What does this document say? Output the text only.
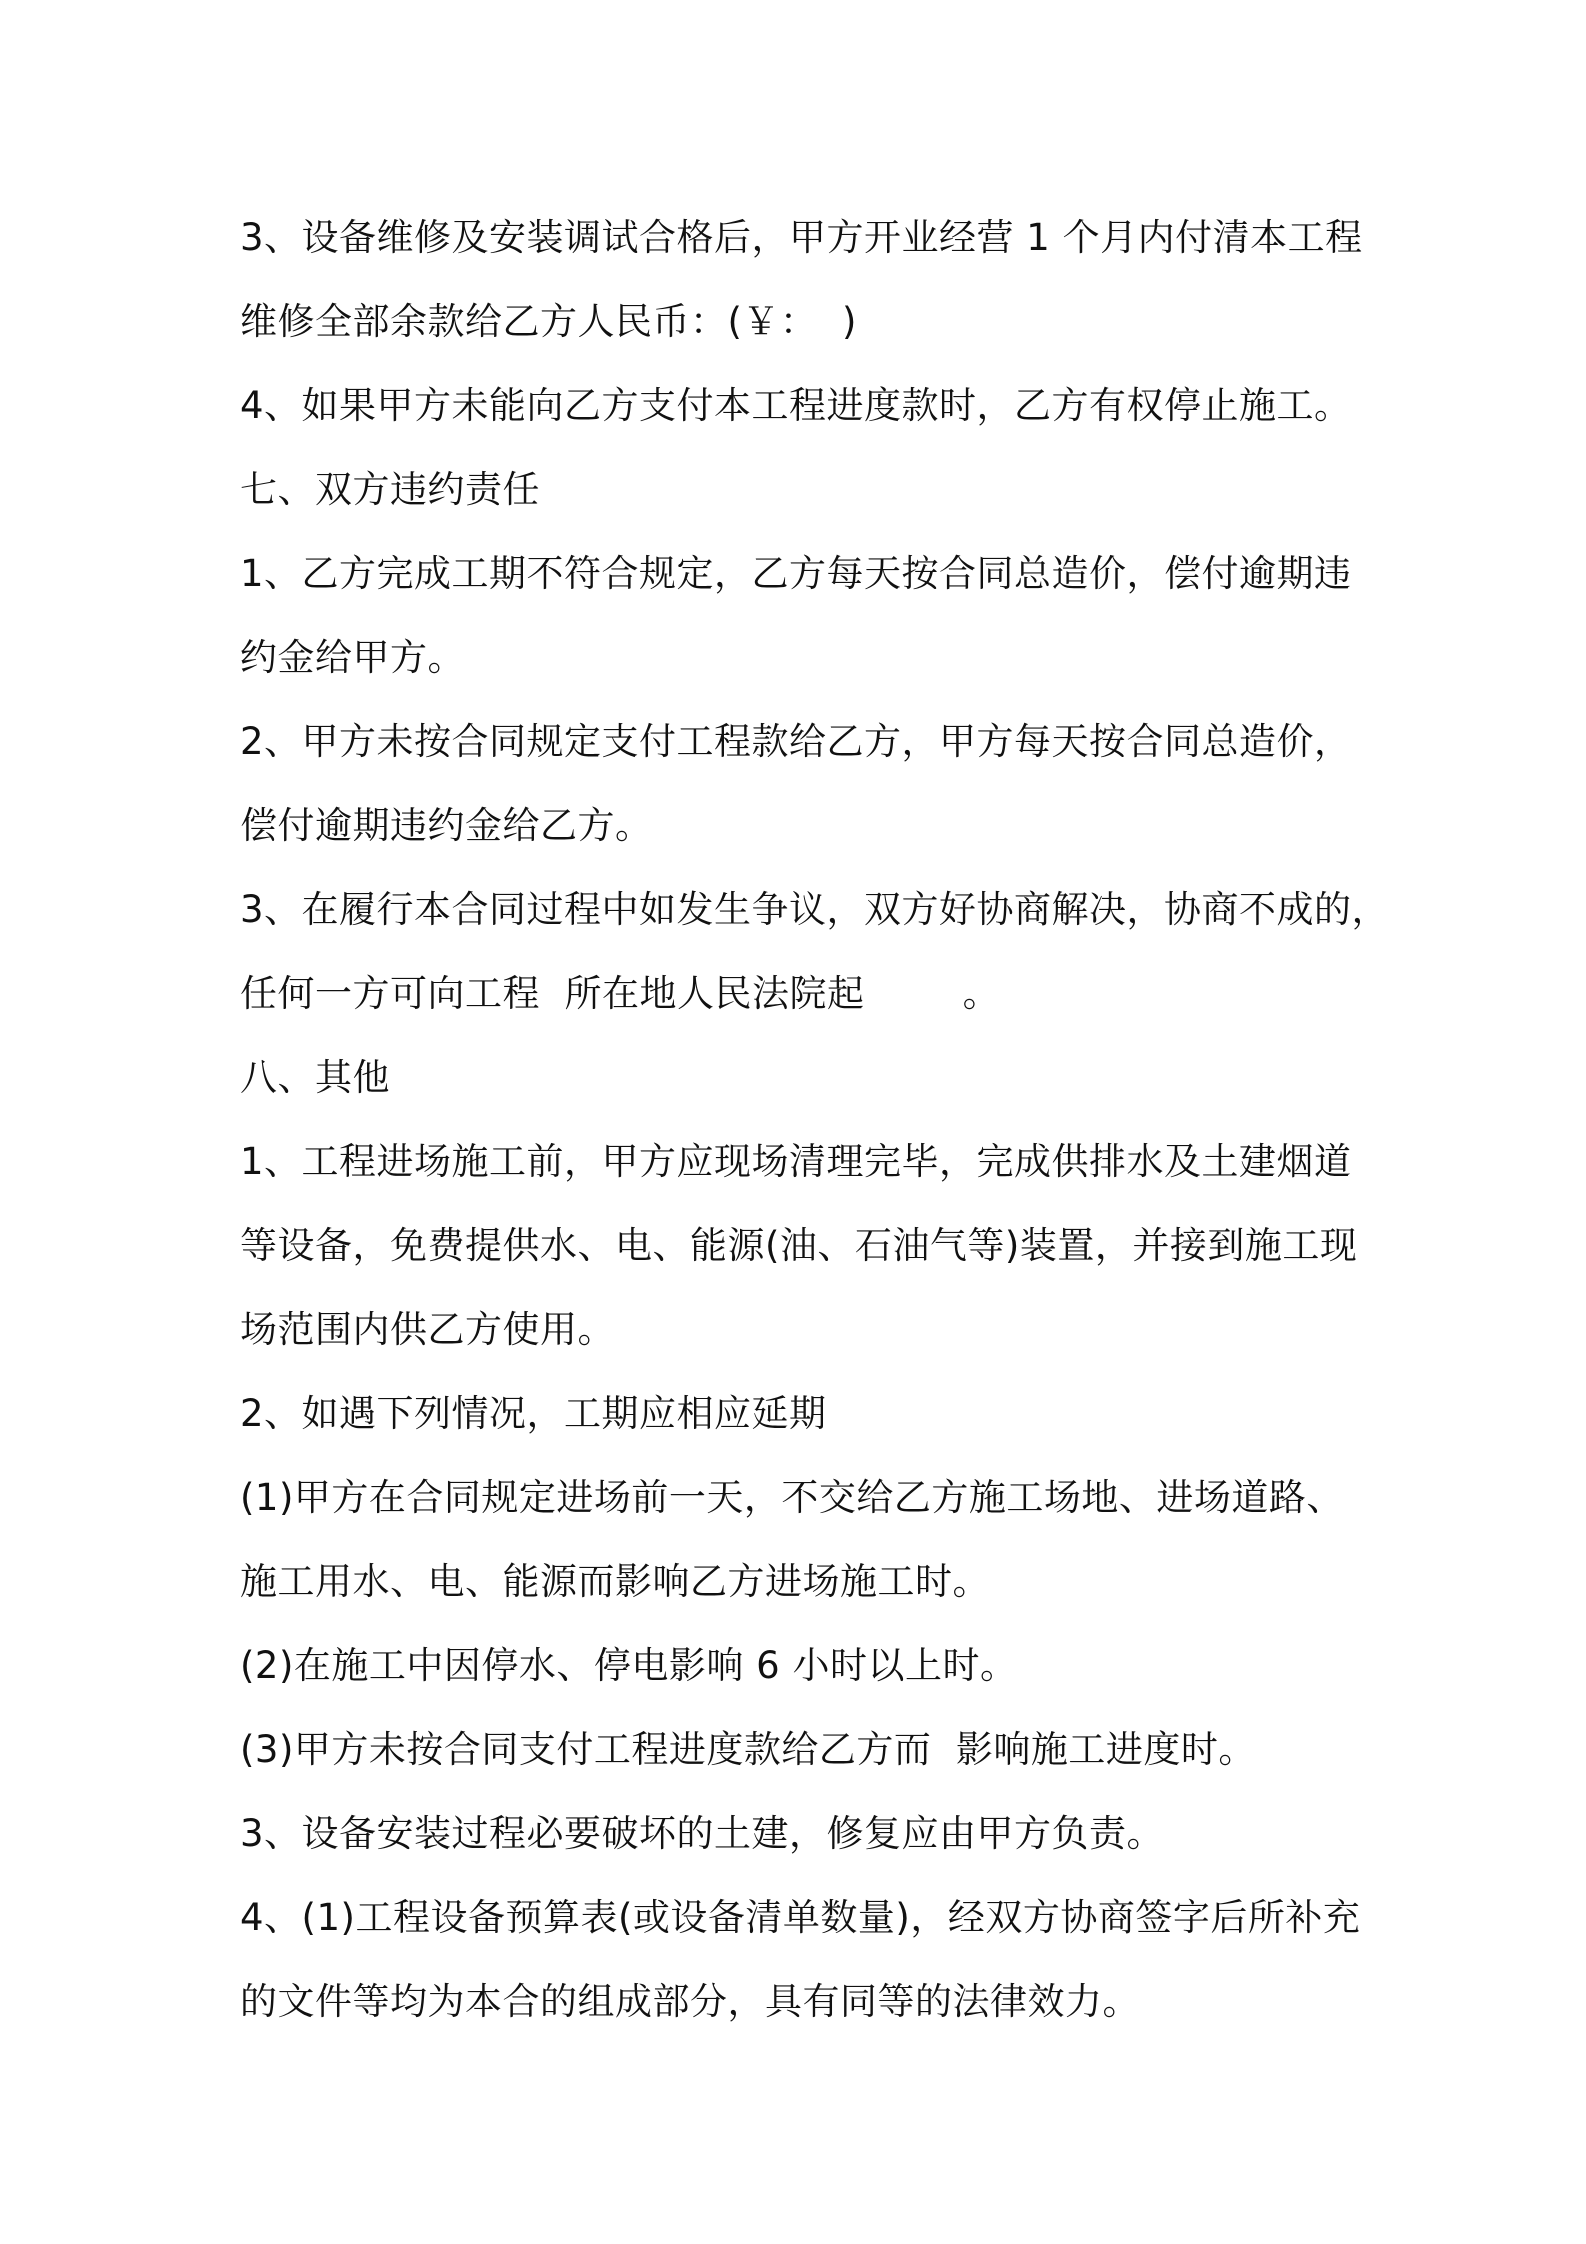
3、设备维修及安装调试合格后，甲方开业经营 1 个月内付清本工程
维修全部余款给乙方人民币：(￥：  )
4、如果甲方未能向乙方支付本工程进度款时，乙方有权停止施工。
七、双方违约责任
1、乙方完成工期不符合规定，乙方每天按合同总造价，偿付逾期违
约金给甲方。
2、甲方未按合同规定支付工程款给乙方，甲方每天按合同总造价，
偿付逾期违约金给乙方。
3、在履行本合同过程中如发生争议，双方好协商解决，协商不成的，
任何一方可向工程  所在地人民法院起        。
八、其他
1、工程进场施工前，甲方应现场清理完毕，完成供排水及土建烟道
等设备，免费提供水、电、能源(油、石油气等)装置，并接到施工现
场范围内供乙方使用。
2、如遇下列情况，工期应相应延期
(1)甲方在合同规定进场前一天，不交给乙方施工场地、进场道路、
施工用水、电、能源而影响乙方进场施工时。
(2)在施工中因停水、停电影响 6 小时以上时。
(3)甲方未按合同支付工程进度款给乙方而  影响施工进度时。
3、设备安装过程必要破坏的土建，修复应由甲方负责。
4、(1)工程设备预算表(或设备清单数量)，经双方协商签字后所补充
的文件等均为本合的组成部分，具有同等的法律效力。
